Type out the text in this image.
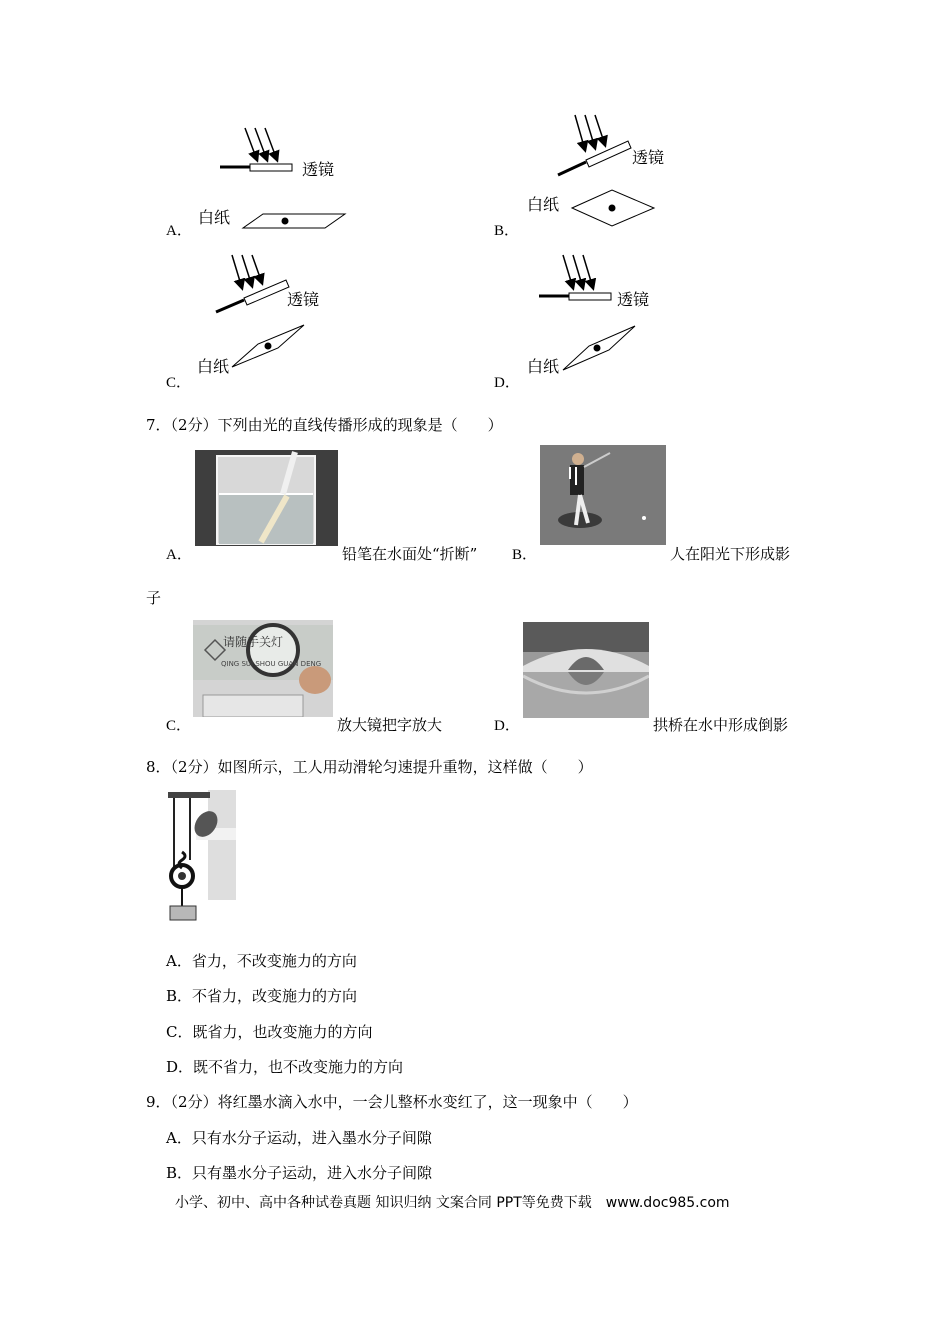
透镜
白纸
A．
透镜
白纸
B．
透镜
白纸
C．
透镜
白纸
D．
7．（2分）下列由光的直线传播形成的现象是（　　）
A．	铅笔在水面处“折断” B．	人在阳光下形成影
子
请随手关灯
QING SUI SHOU GUAN DENG
C．	放大镜把字放大	D．	拱桥在水中形成倒影
8．（2分）如图所示，工人用动滑轮匀速提升重物，这样做（　　）
A．省力，不改变施力的方向
B．不省力，改变施力的方向
C．既省力，也改变施力的方向
D．既不省力，也不改变施力的方向
9．（2分）将红墨水滴入水中，一会儿整杯水变红了，这一现象中（　　）
A．只有水分子运动，进入墨水分子间隙
B．只有墨水分子运动，进入水分子间隙
小学、初中、高中各种试卷真题 知识归纳 文案合同 PPT等免费下载　www.doc985.com
